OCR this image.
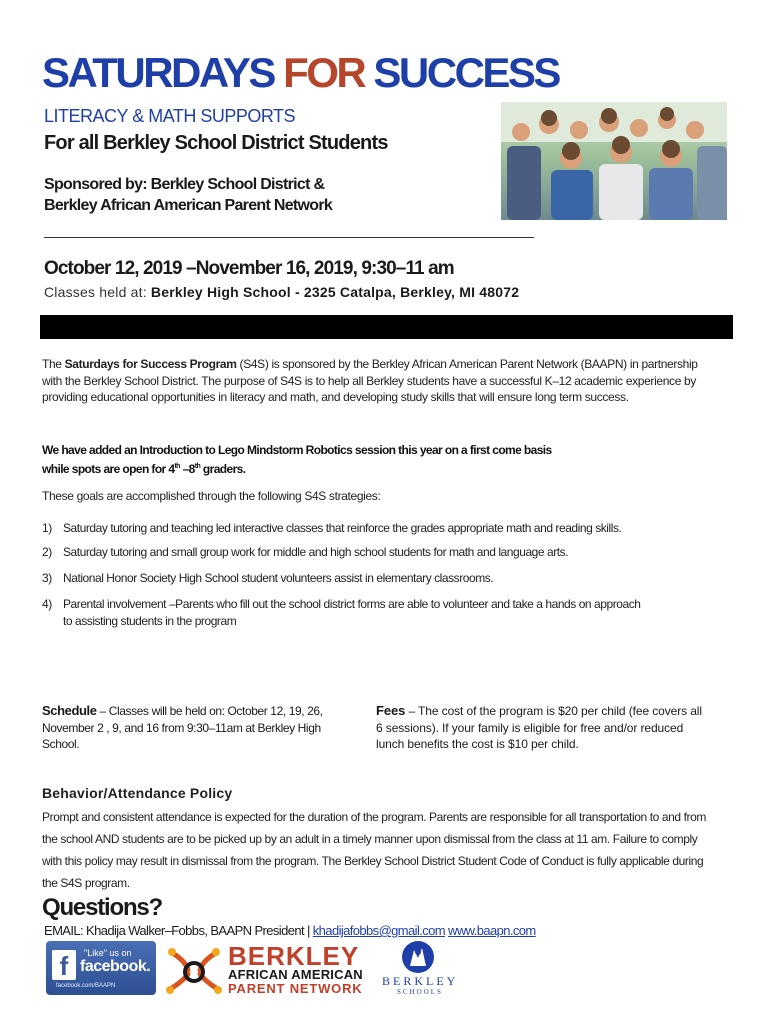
SATURDAYS FOR SUCCESS
LITERACY & MATH SUPPORTS
For all Berkley School District Students
Sponsored by: Berkley School District &
Berkley African American Parent Network
October 12, 2019 –November 16, 2019, 9:30–11 am
Classes held at: Berkley High School - 2325 Catalpa, Berkley, MI 48072
The Saturdays for Success Program (S4S) is sponsored by the Berkley African American Parent Network (BAAPN) in partnership with the Berkley School District. The purpose of S4S is to help all Berkley students have a successful K–12 academic experience by providing educational opportunities in literacy and math, and developing study skills that will ensure long term success.
We have added an Introduction to Lego Mindstorm Robotics session this year on a first come basis
while spots are open for 4th –8th graders.
These goals are accomplished through the following S4S strategies:
1) Saturday tutoring and teaching led interactive classes that reinforce the grades appropriate math and reading skills.
2) Saturday tutoring and small group work for middle and high school students for math and language arts.
3) National Honor Society High School student volunteers assist in elementary classrooms.
4) Parental involvement –Parents who fill out the school district forms are able to volunteer and take a hands on approach
to assisting students in the program
Schedule – Classes will be held on: October 12, 19, 26, November 2 , 9, and 16 from 9:30–11am at Berkley High School.
Fees – The cost of the program is $20 per child (fee covers all 6 sessions). If your family is eligible for free and/or reduced lunch benefits the cost is $10 per child.
Behavior/Attendance Policy
Prompt and consistent attendance is expected for the duration of the program. Parents are responsible for all transportation to and from the school AND students are to be picked up by an adult in a timely manner upon dismissal from the class at 11 am. Failure to comply with this policy may result in dismissal from the program. The Berkley School District Student Code of Conduct is fully applicable during the S4S program.
Questions?
EMAIL: Khadija Walker–Fobbs, BAAPN President | khadijafobbs@gmail.com www.baapn.com
f	"Like" us on
facebook.
facebook.com/BAAPN
BERKLEY
AFRICAN AMERICAN
PARENT NETWORK BERKLEY
SCHOOLS
